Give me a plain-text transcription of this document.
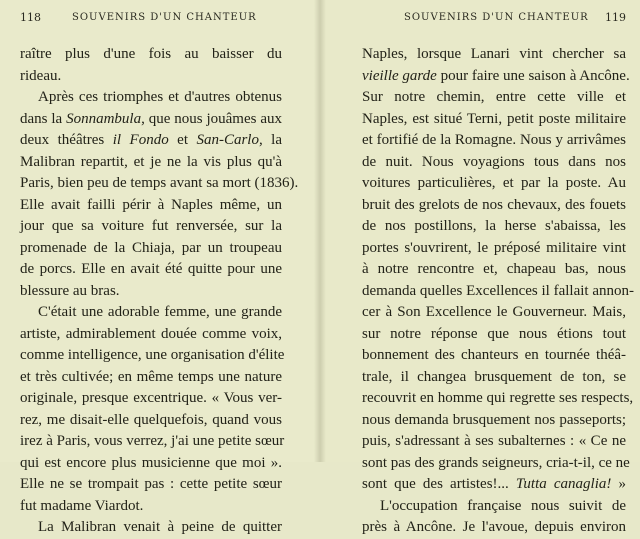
118	SOUVENIRS D'UN CHANTEUR
raître plus d'une fois au baisser du
rideau.
Après ces triomphes et d'autres obtenus
dans la Sonnambula, que nous jouâmes aux
deux théâtres il Fondo et San-Carlo, la
Malibran repartit, et je ne la vis plus qu'à
Paris, bien peu de temps avant sa mort (1836).
Elle avait failli périr à Naples même, un
jour que sa voiture fut renversée, sur la
promenade de la Chiaja, par un troupeau
de porcs. Elle en avait été quitte pour une
blessure au bras.
C'était une adorable femme, une grande
artiste, admirablement douée comme voix,
comme intelligence, une organisation d'élite
et très cultivée; en même temps une nature
originale, presque excentrique. « Vous ver-
rez, me disait-elle quelquefois, quand vous
irez à Paris, vous verrez, j'ai une petite sœur
qui est encore plus musicienne que moi ».
Elle ne se trompait pas : cette petite sœur
fut madame Viardot.
La Malibran venait à peine de quitter
SOUVENIRS D'UN CHANTEUR 119
Naples, lorsque Lanari vint chercher sa
vieille garde pour faire une saison à Ancône.
Sur notre chemin, entre cette ville et
Naples, est situé Terni, petit poste militaire
et fortifié de la Romagne. Nous y arrivâmes
de nuit. Nous voyagions tous dans nos
voitures particulières, et par la poste. Au
bruit des grelots de nos chevaux, des fouets
de nos postillons, la herse s'abaissa, les
portes s'ouvrirent, le préposé militaire vint
à notre rencontre et, chapeau bas, nous
demanda quelles Excellences il fallait annon-
cer à Son Excellence le Gouverneur. Mais,
sur notre réponse que nous étions tout
bonnement des chanteurs en tournée théâ-
trale, il changea brusquement de ton, se
recouvrit en homme qui regrette ses respects,
nous demanda brusquement nos passeports;
puis, s'adressant à ses subalternes : « Ce ne
sont pas des grands seigneurs, cria-t-il, ce ne
sont que des artistes!... Tutta canaglia! »
L'occupation française nous suivit de
près à Ancône. Je l'avoue, depuis environ
